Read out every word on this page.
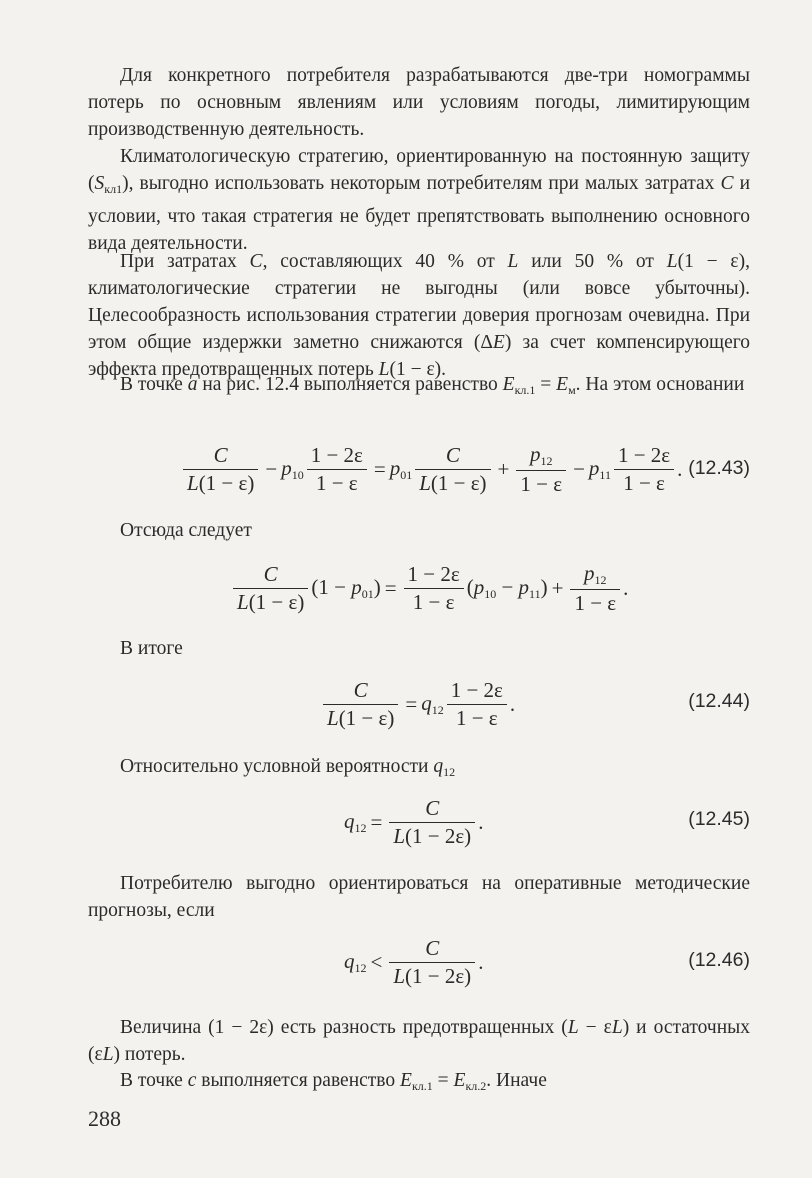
Для конкретного потребителя разрабатываются две-три номограммы потерь по основным явлениям или условиям погоды, лимитирующим производственную деятельность.

Климатологическую стратегию, ориентированную на постоянную защиту $(S_{кл1})$, выгодно использовать некоторым потребителям при малых затратах C и условии, что такая стратегия не будет препятствовать выполнению основного вида деятельности.

При затратах C, составляющих 40 % от L или 50 % от L(1 − ε), климатологические стратегии не выгодны (или вовсе убыточны). Целесообразность использования стратегии доверия прогнозам очевидна. При этом общие издержки заметно снижаются (ΔE) за счет компенсирующего эффекта предотвращенных потерь L(1 − ε).

В точке a на рис. 12.4 выполняется равенство $E_{кл.1} = E_м$. На этом основании

$\frac{C}{L(1 - \varepsilon)} - p_{10} \frac{1 - 2\varepsilon}{1 - \varepsilon} = p_{01} \frac{C}{L(1 - \varepsilon)} + \frac{p_{12}}{1 - \varepsilon} - p_{11} \frac{1 - 2\varepsilon}{1 - \varepsilon}$ . (12.43)

Отсюда следует

$\frac{C}{L(1 - \varepsilon)} (1 - p_{01}) = \frac{1 - 2\varepsilon}{1 - \varepsilon} (p_{10} - p_{11}) + \frac{p_{12}}{1 - \varepsilon}$ .

В итоге

$\frac{C}{L(1 - \varepsilon)} = q_{12} \frac{1 - 2\varepsilon}{1 - \varepsilon}$ .	(12.44)

Относительно условной вероятности $q_{12}$

$q_{12} = \frac{C}{L(1 - 2\varepsilon)}$ .	(12.45)

Потребителю выгодно ориентироваться на оперативные методические прогнозы, если

$q_{12} < \frac{C}{L(1 - 2\varepsilon)}$ .	(12.46)

Величина (1 − 2ε) есть разность предотвращенных (L − εL) и остаточных (εL) потерь.

В точке c выполняется равенство $E_{кл.1} = E_{кл.2}$. Иначе

288
